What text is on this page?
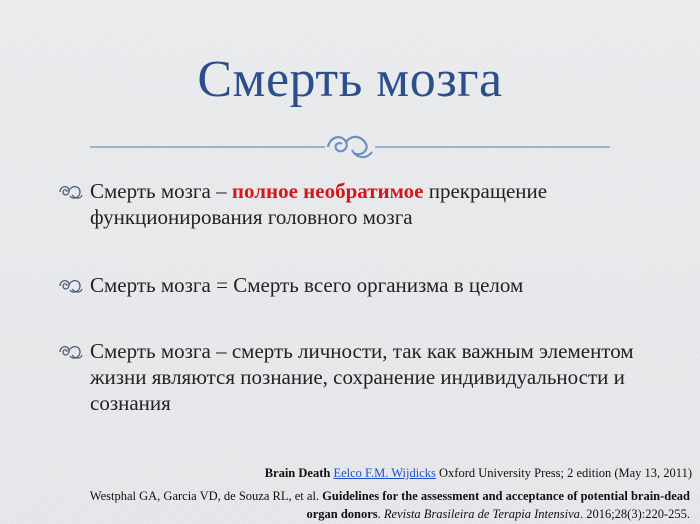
Смерть мозга
Смерть мозга – полное необратимое прекращение функционирования головного мозга
Смерть мозга = Смерть всего организма в целом
Смерть мозга – смерть личности, так как важным элементом жизни являются познание, сохранение индивидуальности и сознания
Brain Death Eelco F.M. Wijdicks Oxford University Press; 2 edition (May 13, 2011)
Westphal GA, Garcia VD, de Souza RL, et al. Guidelines for the assessment and acceptance of potential brain-dead organ donors. Revista Brasileira de Terapia Intensiva. 2016;28(3):220-255.
